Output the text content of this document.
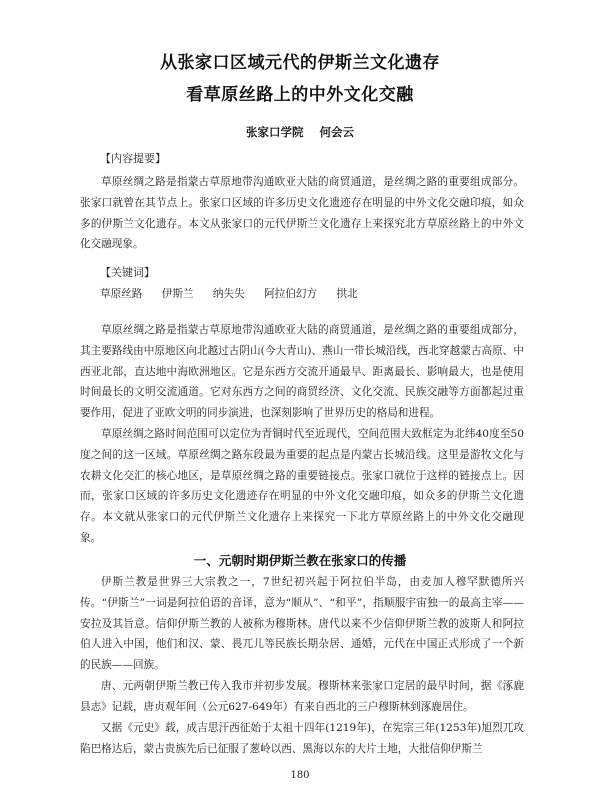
从张家口区域元代的伊斯兰文化遗存
看草原丝路上的中外文化交融
张家口学院 何会云
【内容提要】

草原丝绸之路是指蒙古草原地带沟通欧亚大陆的商贸通道，是丝绸之路的重要组成部分。张家口就曾在其节点上。张家口区域的许多历史文化遗迹存在明显的中外文化交融印痕，如众多的伊斯兰文化遗存。本文从张家口的元代伊斯兰文化遗存上来探究北方草原丝路上的中外文化交融现象。

【关键词】
草原丝路 伊斯兰 纳失失 阿拉伯幻方 拱北

草原丝绸之路是指蒙古草原地带沟通欧亚大陆的商贸通道，是丝绸之路的重要组成部分，其主要路线由中原地区向北越过古阴山(今大青山)、燕山一带长城沿线，西北穿越蒙古高原、中西亚北部，直达地中海欧洲地区。它是东西方交流开通最早、距离最长、影响最大，也是使用时间最长的文明交流通道。它对东西方之间的商贸经济、文化交流、民族交融等方面都起过重要作用，促进了亚欧文明的同步演进，也深刻影响了世界历史的格局和进程。

草原丝绸之路时间范围可以定位为青铜时代至近现代，空间范围大致框定为北纬40度至50度之间的这一区域。草原丝绸之路东段最为重要的起点是内蒙古长城沿线。这里是游牧文化与农耕文化交汇的核心地区，是草原丝绸之路的重要链接点。张家口就位于这样的链接点上。因而，张家口区域的许多历史文化遗迹存在明显的中外文化交融印痕，如众多的伊斯兰文化遗存。本文就从张家口的元代伊斯兰文化遗存上来探究一下北方草原丝路上的中外文化交融现象。

一、元朝时期伊斯兰教在张家口的传播

伊斯兰教是世界三大宗教之一，7世纪初兴起于阿拉伯半岛，由麦加人穆罕默德所兴传。“伊斯兰”一词是阿拉伯语的音译，意为“顺从”、“和平”，指顺服宇宙独一的最高主宰——安拉及其旨意。信仰伊斯兰教的人被称为穆斯林。唐代以来不少信仰伊斯兰教的波斯人和阿拉伯人进入中国，他们和汉、蒙、畏兀儿等民族长期杂居、通婚，元代在中国正式形成了一个新的民族——回族。

唐、元两朝伊斯兰教已传入我市并初步发展。穆斯林来张家口定居的最早时间，据《涿鹿县志》记载，唐贞观年间（公元627-649年）有来自西北的三户穆斯林到涿鹿居住。

又据《元史》载，成吉思汗西征始于太祖十四年(1219年)，在宪宗三年(1253年)旭烈兀攻陷巴格达后，蒙古贵族先后已征服了葱岭以西、黑海以东的大片土地，大批信仰伊斯兰

180
